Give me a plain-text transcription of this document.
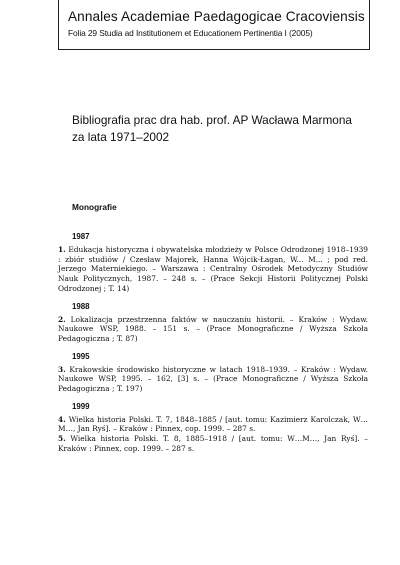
Annales Academiae Paedagogicae Cracoviensis
Folia 29 Studia ad Institutionem et Educationem Pertinentia I (2005)
Bibliografia prac dra hab. prof. AP Wacława Marmona
za lata 1971–2002
Monografie
1987

1. Edukacja historyczna i obywatelska młodzieży w Polsce Odrodzonej 1918–1939 : zbiór studiów / Czesław Majorek, Hanna Wójcik-Łagan, W... M... ; pod red. Jerzego Materniekiego. – Warszawa : Centralny Ośrodek Metodyczny Studiów Nauk Politycznych, 1987. – 248 s. – (Prace Sekcji Historii Politycznej Polski Odrodzonej ; T. 14)

1988

2. Lokalizacja przestrzenna faktów w nauczaniu historii. – Kraków : Wydaw. Naukowe WSP, 1988. – 151 s. – (Prace Monograficzne / Wyższa Szkoła Pedagogiczna ; T. 87)

1995

3. Krakowskie środowisko historyczne w latach 1918–1939. – Kraków : Wydaw. Naukowe WSP, 1995. – 162, [3] s. – (Prace Monograficzne / Wyższa Szkoła Pedagogiczna ; T. 197)

1999

4. Wielka historia Polski. T. 7, 1848–1885 / [aut. tomu: Kazimierz Karolczak, W… M…, Jan Ryś]. – Kraków : Pinnex, cop. 1999. – 287 s.

5. Wielka historia Polski. T. 8, 1885–1918 / [aut. tomu: W…M…, Jan Ryś]. – Kraków : Pinnex, cop. 1999. – 287 s.
